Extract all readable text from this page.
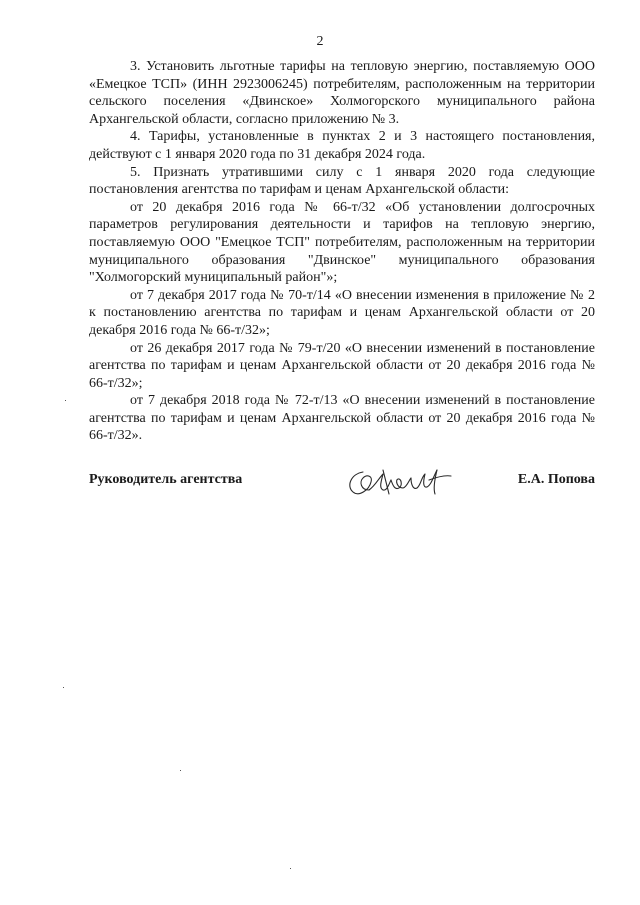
2

3. Установить льготные тарифы на тепловую энергию, поставляемую ООО «Емецкое ТСП» (ИНН 2923006245) потребителям, расположенным на территории сельского поселения «Двинское» Холмогорского муниципального района Архангельской области, согласно приложению № 3.

4. Тарифы, установленные в пунктах 2 и 3 настоящего постановления, действуют с 1 января 2020 года по 31 декабря 2024 года.

5. Признать утратившими силу с 1 января 2020 года следующие постановления агентства по тарифам и ценам Архангельской области:

от 20 декабря 2016 года № 66-т/32 «Об установлении долгосрочных параметров регулирования деятельности и тарифов на тепловую энергию, поставляемую ООО "Емецкое ТСП" потребителям, расположенным на территории муниципального образования "Двинское" муниципального образования "Холмогорский муниципальный район"»;

от 7 декабря 2017 года № 70-т/14 «О внесении изменения в приложение № 2 к постановлению агентства по тарифам и ценам Архангельской области от 20 декабря 2016 года № 66-т/32»;

от 26 декабря 2017 года № 79-т/20 «О внесении изменений в постановление агентства по тарифам и ценам Архангельской области от 20 декабря 2016 года № 66-т/32»;

от 7 декабря 2018 года № 72-т/13 «О внесении изменений в постановление агентства по тарифам и ценам Архангельской области от 20 декабря 2016 года № 66-т/32».

Руководитель агентства	Е.А. Попова
